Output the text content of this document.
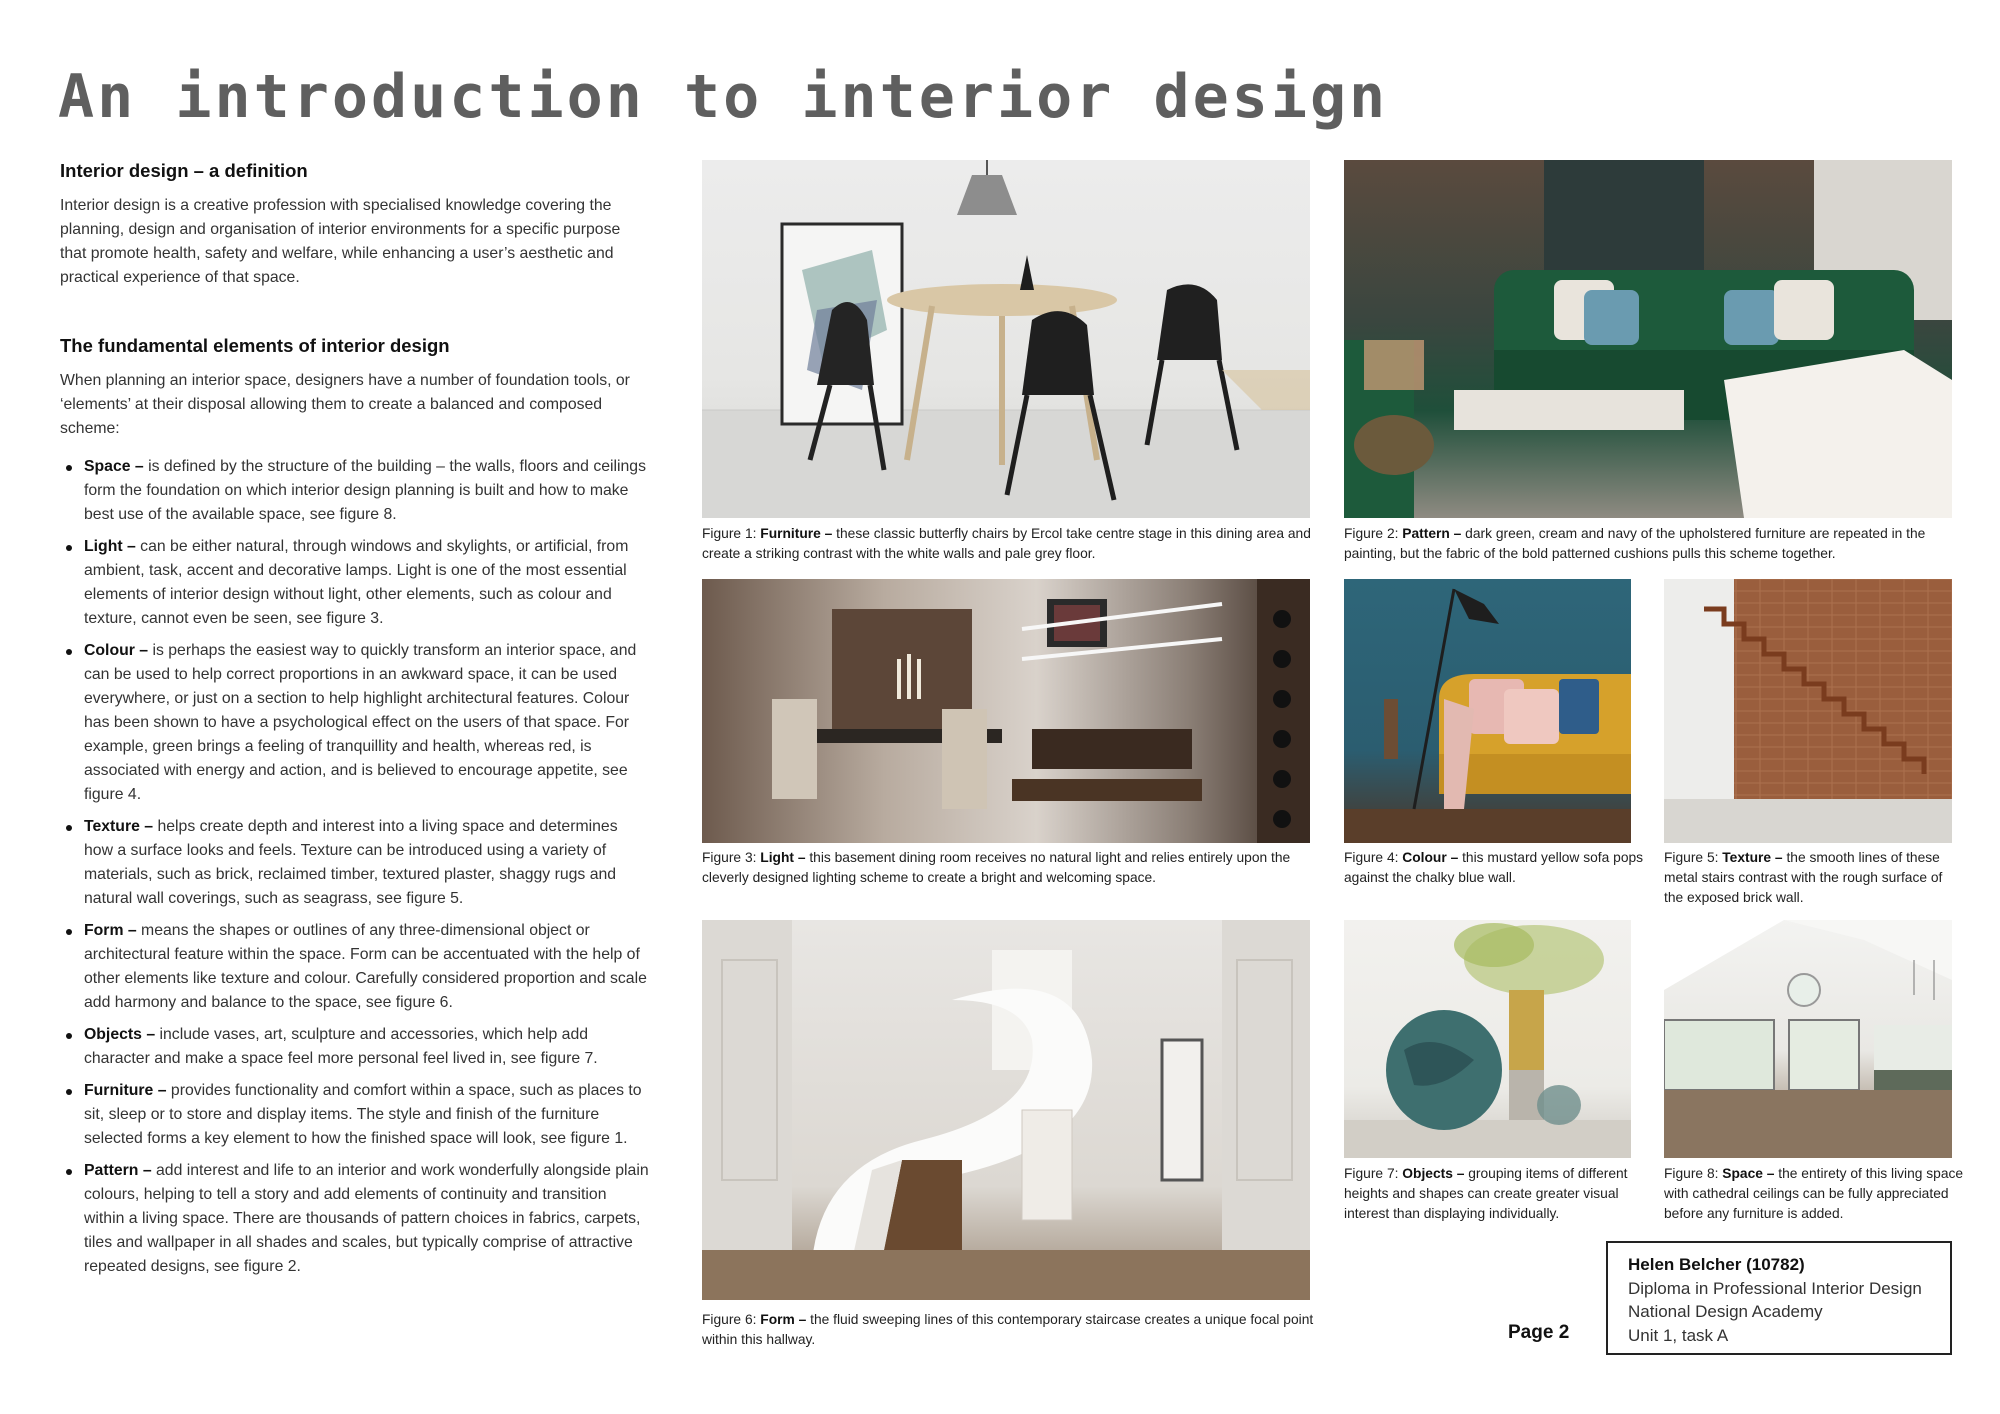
An introduction to interior design
Interior design – a definition

Interior design is a creative profession with specialised knowledge covering the planning, design and organisation of interior environments for a specific purpose that promote health, safety and welfare, while enhancing a user’s aesthetic and practical experience of that space.

The fundamental elements of interior design

When planning an interior space, designers have a number of foundation tools, or ‘elements’ at their disposal allowing them to create a balanced and composed scheme:

Space – is defined by the structure of the building – the walls, floors and ceilings form the foundation on which interior design planning is built and how to make best use of the available space, see figure 8.
Light – can be either natural, through windows and skylights, or artificial, from ambient, task, accent and decorative lamps. Light is one of the most essential elements of interior design without light, other elements, such as colour and texture, cannot even be seen, see figure 3.
Colour – is perhaps the easiest way to quickly transform an interior space, and can be used to help correct proportions in an awkward space, it can be used everywhere, or just on a section to help highlight architectural features. Colour has been shown to have a psychological effect on the users of that space. For example, green brings a feeling of tranquillity and health, whereas red, is associated with energy and action, and is believed to encourage appetite, see figure 4.
Texture – helps create depth and interest into a living space and determines how a surface looks and feels. Texture can be introduced using a variety of materials, such as brick, reclaimed timber, textured plaster, shaggy rugs and natural wall coverings, such as seagrass, see figure 5.
Form – means the shapes or outlines of any three-dimensional object or architectural feature within the space. Form can be accentuated with the help of other elements like texture and colour. Carefully considered proportion and scale add harmony and balance to the space, see figure 6.
Objects – include vases, art, sculpture and accessories, which help add character and make a space feel more personal feel lived in, see figure 7.
Furniture – provides functionality and comfort within a space, such as places to sit, sleep or to store and display items. The style and finish of the furniture selected forms a key element to how the finished space will look, see figure 1.
Pattern – add interest and life to an interior and work wonderfully alongside plain colours, helping to tell a story and add elements of continuity and transition within a living space. There are thousands of pattern choices in fabrics, carpets, tiles and wallpaper in all shades and scales, but typically comprise of attractive repeated designs, see figure 2.
Figure 1: Furniture – these classic butterfly chairs by Ercol take centre stage in this dining area and create a striking contrast with the white walls and pale grey floor.
Figure 2: Pattern – dark green, cream and navy of the upholstered furniture are repeated in the painting, but the fabric of the bold patterned cushions pulls this scheme together.
Figure 3: Light – this basement dining room receives no natural light and relies entirely upon the cleverly designed lighting scheme to create a bright and welcoming space.
Figure 4: Colour – this mustard yellow sofa pops against the chalky blue wall.
Figure 5: Texture – the smooth lines of these metal stairs contrast with the rough surface of the exposed brick wall.
Figure 6: Form – the fluid sweeping lines of this contemporary staircase creates a unique focal point within this hallway.
Figure 7: Objects – grouping items of different heights and shapes can create greater visual interest than displaying individually.
Figure 8: Space – the entirety of this living space with cathedral ceilings can be fully appreciated before any furniture is added.
Page 2
Helen Belcher (10782)
Diploma in Professional Interior Design
National Design Academy
Unit 1, task A
